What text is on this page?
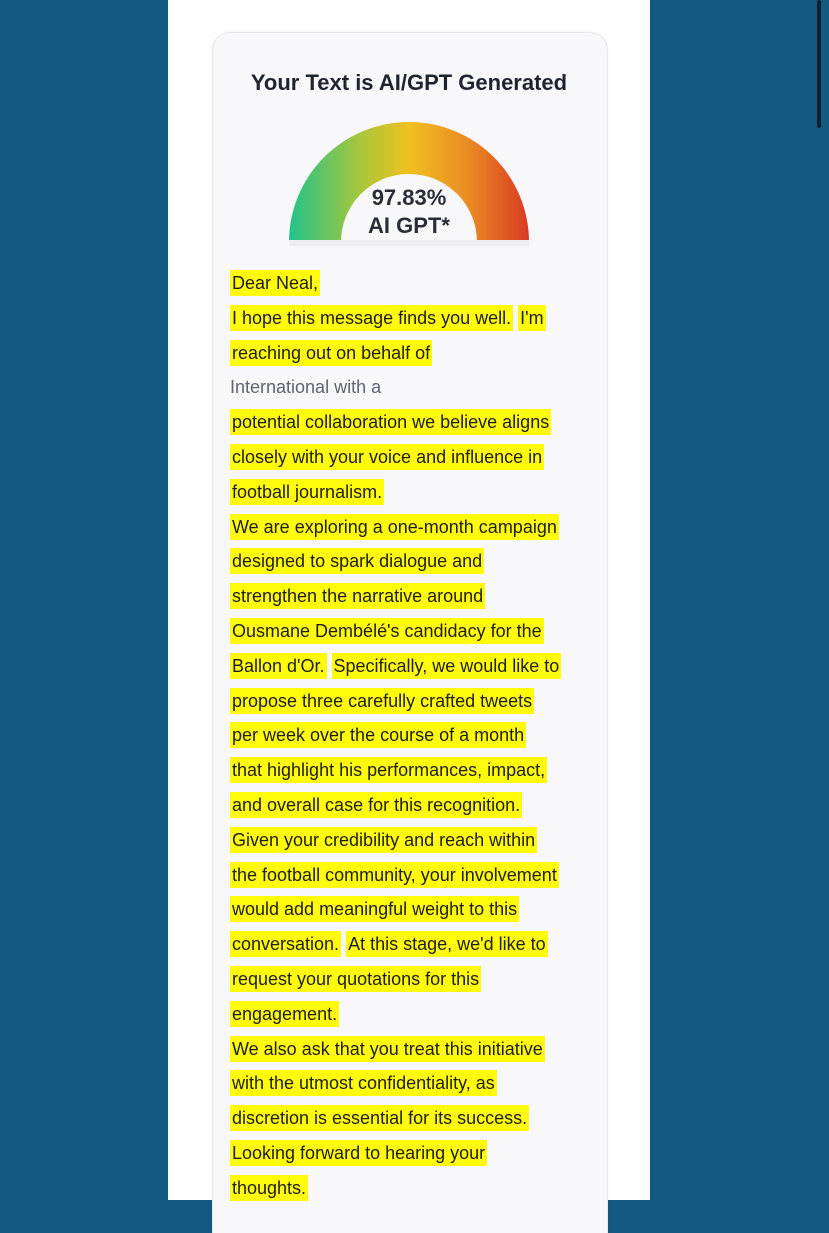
Your Text is AI/GPT Generated
97.83%
AI GPT*
Dear Neal,
I hope this message finds you well. I'm
reaching out on behalf of
International with a
potential collaboration we believe aligns
closely with your voice and influence in
football journalism.
We are exploring a one-month campaign
designed to spark dialogue and
strengthen the narrative around
Ousmane Dembélé's candidacy for the
Ballon d'Or. Specifically, we would like to
propose three carefully crafted tweets
per week over the course of a month
that highlight his performances, impact,
and overall case for this recognition.
Given your credibility and reach within
the football community, your involvement
would add meaningful weight to this
conversation. At this stage, we'd like to
request your quotations for this
engagement.
We also ask that you treat this initiative
with the utmost confidentiality, as
discretion is essential for its success.
Looking forward to hearing your
thoughts.
✕
